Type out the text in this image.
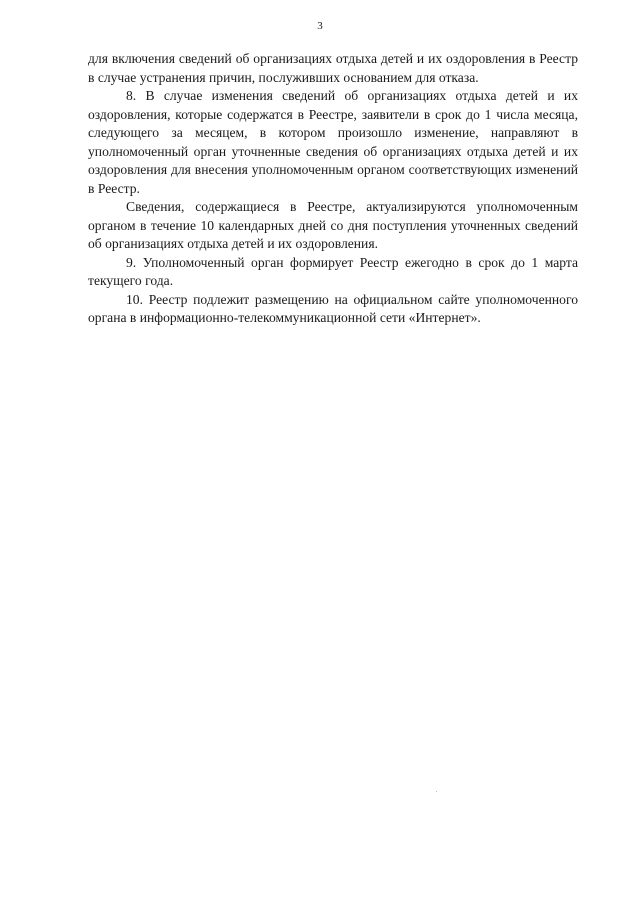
3

для включения сведений об организациях отдыха детей и их оздоровления в Реестр в случае устранения причин, послуживших основанием для отказа.

8. В случае изменения сведений об организациях отдыха детей и их оздоровления, которые содержатся в Реестре, заявители в срок до 1 числа месяца, следующего за месяцем, в котором произошло изменение, направляют в уполномоченный орган уточненные сведения об организациях отдыха детей и их оздоровления для внесения уполномоченным органом соответствующих изменений в Реестр.

Сведения, содержащиеся в Реестре, актуализируются уполномоченным органом в течение 10 календарных дней со дня поступления уточненных сведений об организациях отдыха детей и их оздоровления.

9. Уполномоченный орган формирует Реестр ежегодно в срок до 1 марта текущего года.

10. Реестр подлежит размещению на официальном сайте уполномоченного органа в информационно-телекоммуникационной сети «Интернет».
